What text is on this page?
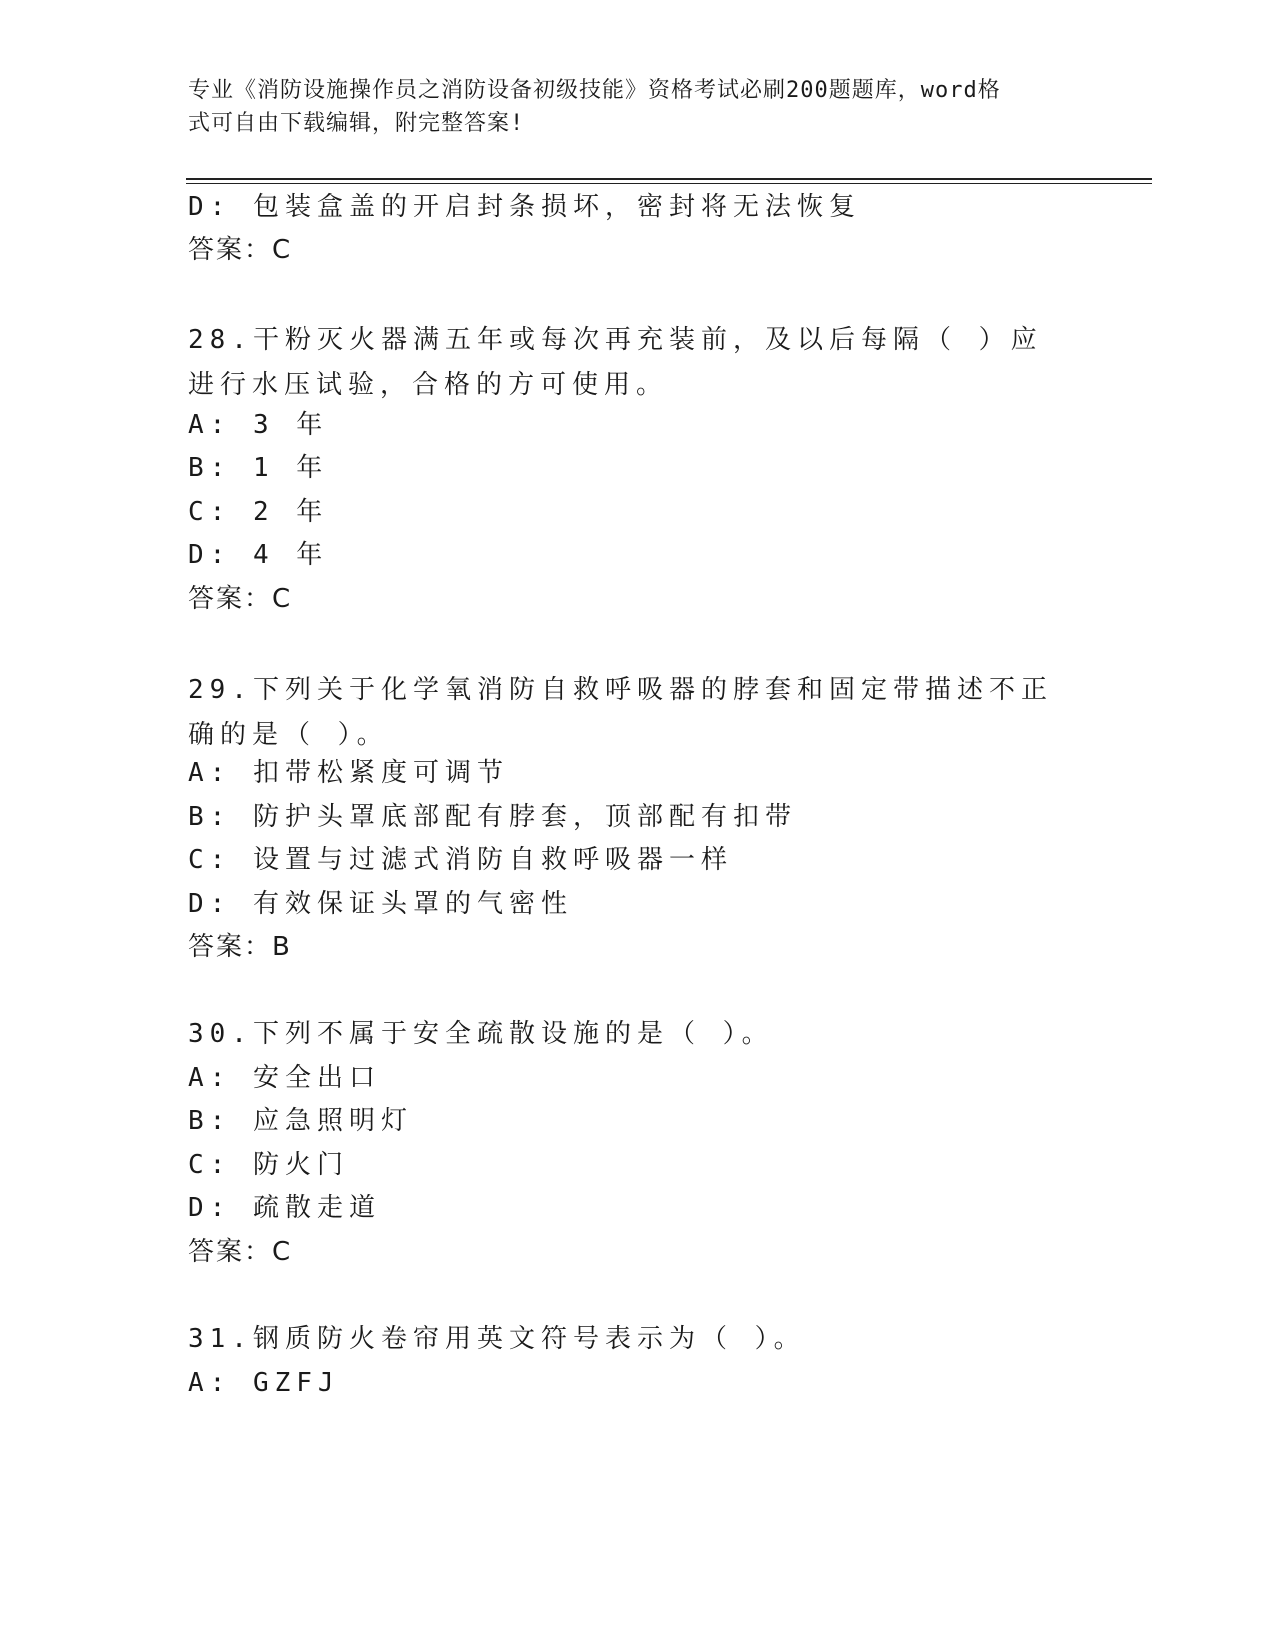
专业《消防设施操作员之消防设备初级技能》资格考试必刷200题题库，word格
式可自由下载编辑，附完整答案!
D: 包装盒盖的开启封条损坏，密封将无法恢复
答案：C
28.干粉灭火器满五年或每次再充装前，及以后每隔（ ）应进行水压试验，合格的方可使用。
A: 3 年
B: 1 年
C: 2 年
D: 4 年
答案：C
29.下列关于化学氧消防自救呼吸器的脖套和固定带描述不正确的是（ ）。
A: 扣带松紧度可调节
B: 防护头罩底部配有脖套，顶部配有扣带
C: 设置与过滤式消防自救呼吸器一样
D: 有效保证头罩的气密性
答案：B
30.下列不属于安全疏散设施的是（ ）。
A: 安全出口
B: 应急照明灯
C: 防火门
D: 疏散走道
答案：C
31.钢质防火卷帘用英文符号表示为（ ）。
A: GZFJ
